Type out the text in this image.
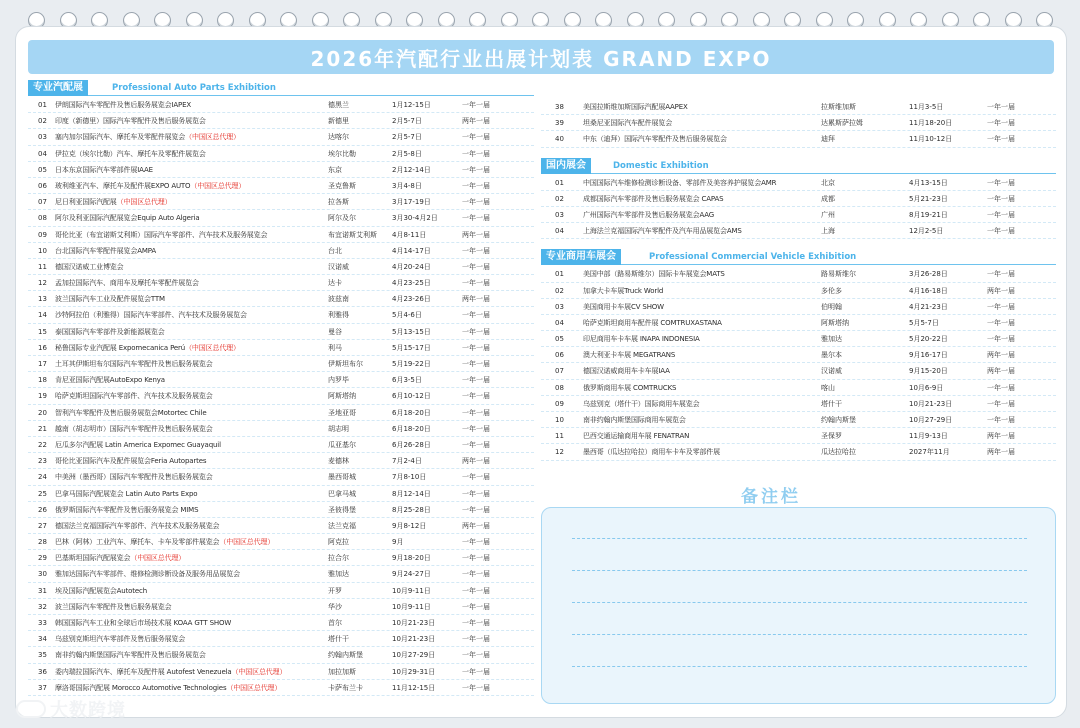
2026年汽配行业出展计划表 GRAND EXPO
专业汽配展	Professional Auto Parts Exhibition
01	伊朗国际汽车零配件及售后服务展览会IAPEX	德黑兰	1月12-15日	一年一届
02	印度（新德里）国际汽车零配件及售后服务展览会	新德里	2月5-7日	两年一届
03	塞内加尔国际汽车、摩托车及零配件展览会（中国区总代理）	达喀尔	2月5-7日	一年一届
04	伊拉克（埃尔比勒）汽车、摩托车及零配件展览会	埃尔比勒	2月5-8日	一年一届
05	日本东京国际汽车零部件展IAAE	东京	2月12-14日	一年一届
06	玻利维亚汽车、摩托车及配件展EXPO AUTO（中国区总代理）	圣克鲁斯	3月4-8日	一年一届
07	尼日利亚国际汽配展（中国区总代理）	拉各斯	3月17-19日	一年一届
08	阿尔及利亚国际汽配展览会Equip Auto Algeria	阿尔及尔	3月30-4月2日	一年一届
09	哥伦比亚（布宜诺斯艾利斯）国际汽车零部件、汽车技术及服务展览会	布宜诺斯艾利斯	4月8-11日	两年一届
10	台北国际汽车零配件展览会AMPA	台北	4月14-17日	一年一届
11	德国汉诺威工业博览会	汉诺威	4月20-24日	一年一届
12	孟加拉国际汽车、商用车及摩托车零配件展览会	达卡	4月23-25日	一年一届
13	波兰国际汽车工业及配件展览会TTM	波兹南	4月23-26日	两年一届
14	沙特阿拉伯（利雅得）国际汽车零部件、汽车技术及服务展览会	利雅得	5月4-6日	一年一届
15	泰国国际汽车零部件及新能源展览会	曼谷	5月13-15日	一年一届
16	秘鲁国际专业汽配展 Expomecanica Perú（中国区总代理）	利马	5月15-17日	一年一届
17	土耳其伊斯坦布尔国际汽车零配件及售后服务展览会	伊斯坦布尔	5月19-22日	一年一届
18	肯尼亚国际汽配展AutoExpo Kenya	内罗毕	6月3-5日	一年一届
19	哈萨克斯坦国际汽车零部件、汽车技术及服务展览会	阿斯塔纳	6月10-12日	一年一届
20	智利汽车零配件及售后服务展览会Motortec Chile	圣地亚哥	6月18-20日	一年一届
21	越南（胡志明市）国际汽车零配件及售后服务展览会	胡志明	6月18-20日	一年一届
22	厄瓜多尔汽配展 Latin America Expomec Guayaquil	瓜亚基尔	6月26-28日	一年一届
23	哥伦比亚国际汽车及配件展览会Feria Autopartes	麦德林	7月2-4日	两年一届
24	中美洲（墨西哥）国际汽车零配件及售后服务展览会	墨西哥城	7月8-10日	一年一届
25	巴拿马国际汽配展览会 Latin Auto Parts Expo	巴拿马城	8月12-14日	一年一届
26	俄罗斯国际汽车零配件及售后服务展览会 MIMS	圣彼得堡	8月25-28日	一年一届
27	德国法兰克福国际汽车零部件、汽车技术及服务展览会	法兰克福	9月8-12日	两年一届
28	巴林（阿林）工业汽车、摩托车、卡车及零部件展览会（中国区总代理）	阿克拉	9月	一年一届
29	巴基斯坦国际汽配展览会（中国区总代理）	拉合尔	9月18-20日	一年一届
30	雅加达国际汽车零部件、维修检测诊断设备及服务用品展览会	雅加达	9月24-27日	一年一届
31	埃及国际汽配展览会Autotech	开罗	10月9-11日	一年一届
32	波兰国际汽车零配件及售后服务展览会	华沙	10月9-11日	一年一届
33	韩国国际汽车工业和全球后市场技术展 KOAA GTT SHOW	首尔	10月21-23日	一年一届
34	乌兹别克斯坦汽车零部件及售后服务展览会	塔什干	10月21-23日	一年一届
35	南非约翰内斯堡国际汽车零配件及售后服务展览会	约翰内斯堡	10月27-29日	一年一届
36	委内瑞拉国际汽车、摩托车及配件展 Autofest Venezuela（中国区总代理）	加拉加斯	10月29-31日	一年一届
37	摩洛哥国际汽配展 Morocco Automotive Technologies（中国区总代理）	卡萨布兰卡	11月12-15日	一年一届
38	美国拉斯维加斯国际汽配展AAPEX	拉斯维加斯	11月3-5日	一年一届
39	坦桑尼亚国际汽车配件展览会	达累斯萨拉姆	11月18-20日	一年一届
40	中东（迪拜）国际汽车零配件及售后服务展览会	迪拜	11月10-12日	一年一届
国内展会	Domestic Exhibition
01	中国国际汽车维修检测诊断设备、零部件及美容养护展览会AMR	北京	4月13-15日	一年一届
02	成都国际汽车零部件及售后服务展览会 CAPAS	成都	5月21-23日	一年一届
03	广州国际汽车零部件及售后服务展览会AAG	广州	8月19-21日	一年一届
04	上海法兰克福国际汽车零配件及汽车用品展览会AMS	上海	12月2-5日	一年一届
专业商用车展会	Professional Commercial Vehicle Exhibition
01	美国中部（路易斯维尔）国际卡车展览会MATS	路易斯维尔	3月26-28日	一年一届
02	加拿大卡车展Truck World	多伦多	4月16-18日	两年一届
03	美国商用卡车展CV SHOW	伯明翰	4月21-23日	一年一届
04	哈萨克斯坦商用车配件展 COMTRUXASTANA	阿斯塔纳	5月5-7日	一年一届
05	印尼商用车卡车展 INAPA INDONESIA	雅加达	5月20-22日	一年一届
06	澳大利亚卡车展 MEGATRANS	墨尔本	9月16-17日	两年一届
07	德国汉诺威商用车卡车展IAA	汉诺威	9月15-20日	两年一届
08	俄罗斯商用车展 COMTRUCKS	喀山	10月6-9日	一年一届
09	乌兹别克（塔什干）国际商用车展览会	塔什干	10月21-23日	一年一届
10	南非约翰内斯堡国际商用车展览会	约翰内斯堡	10月27-29日	一年一届
11	巴西交通运输商用车展 FENATRAN	圣保罗	11月9-13日	两年一届
12	墨西哥（瓜达拉哈拉）商用车卡车及零部件展	瓜达拉哈拉	2027年11月	两年一届
备注栏
大数跨境
